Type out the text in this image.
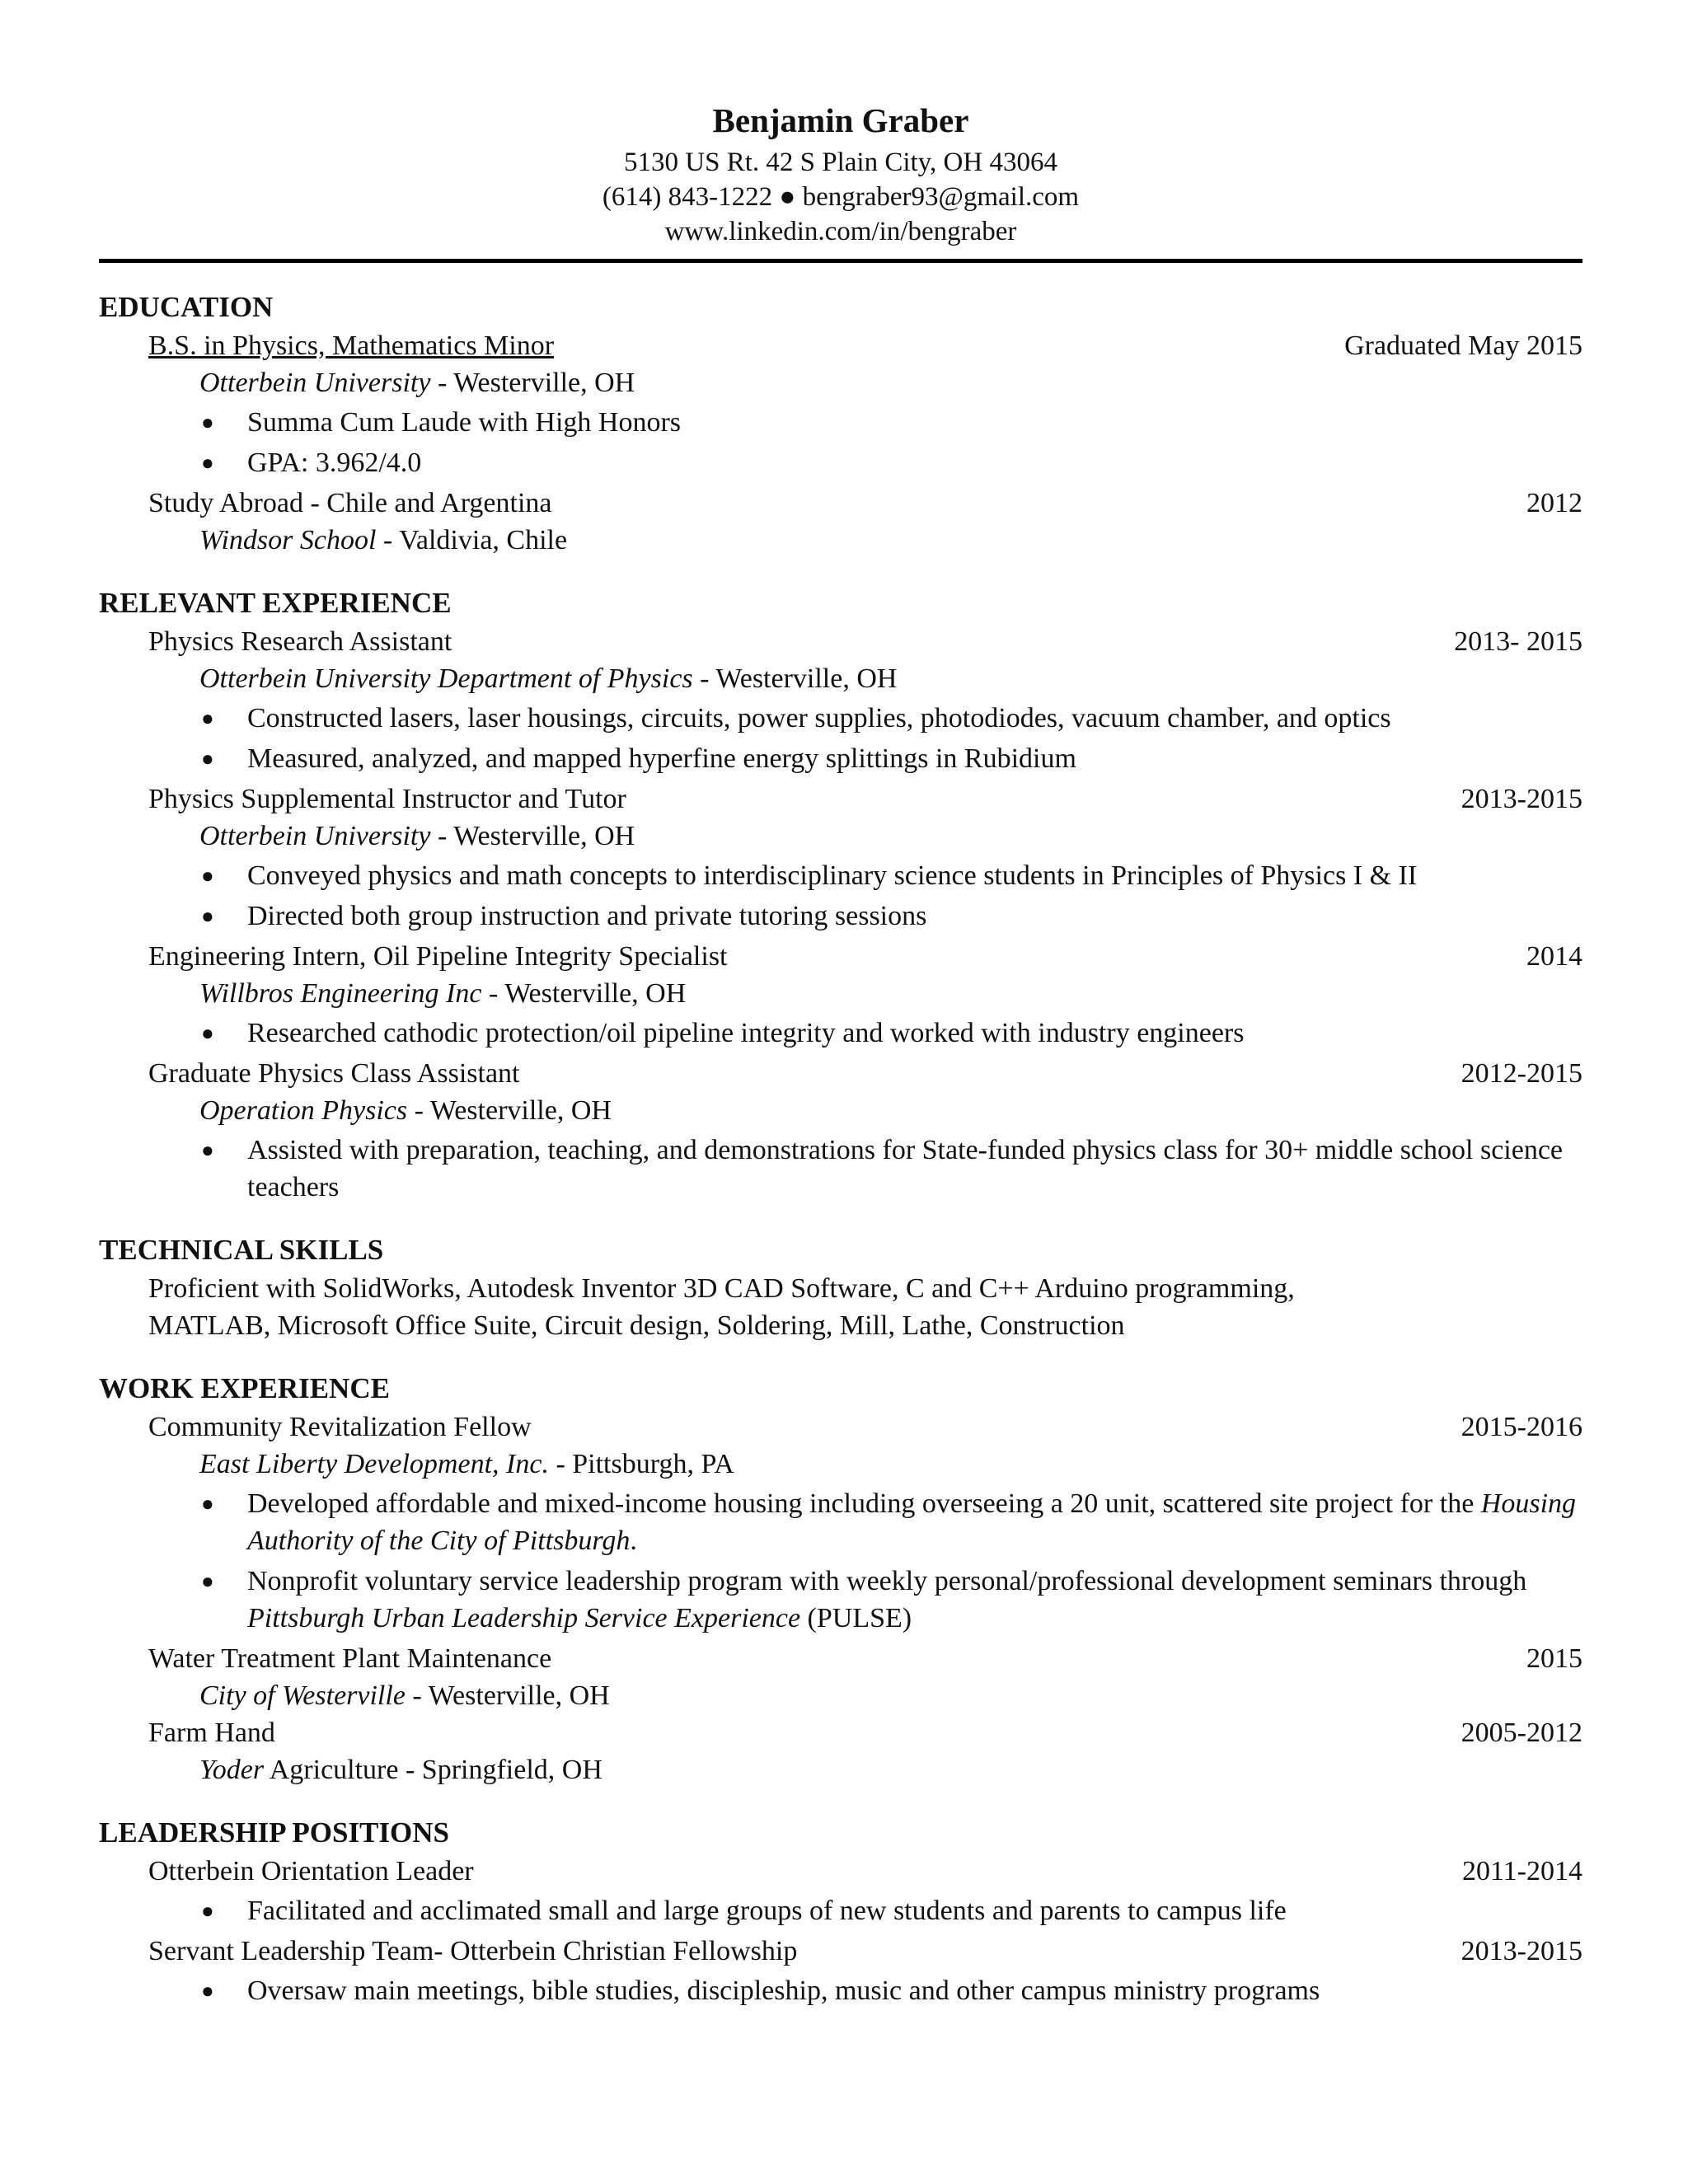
Benjamin Graber

5130 US Rt. 42 S Plain City, OH 43064

(614) 843-1222 ● bengraber93@gmail.com

www.linkedin.com/in/bengraber

EDUCATION

B.S. in Physics, Mathematics Minor	Graduated May 2015
Otterbein University - Westerville, OH
● Summa Cum Laude with High Honors
● GPA: 3.962/4.0
Study Abroad - Chile and Argentina	2012
Windsor School - Valdivia, Chile

RELEVANT EXPERIENCE

Physics Research Assistant	2013- 2015
Otterbein University Department of Physics - Westerville, OH
● Constructed lasers, laser housings, circuits, power supplies, photodiodes, vacuum chamber, and optics
● Measured, analyzed, and mapped hyperfine energy splittings in Rubidium
Physics Supplemental Instructor and Tutor	2013-2015
Otterbein University - Westerville, OH
● Conveyed physics and math concepts to interdisciplinary science students in Principles of Physics I & II
● Directed both group instruction and private tutoring sessions
Engineering Intern, Oil Pipeline Integrity Specialist	2014
Willbros Engineering Inc - Westerville, OH
● Researched cathodic protection/oil pipeline integrity and worked with industry engineers
Graduate Physics Class Assistant	2012-2015
Operation Physics - Westerville, OH
● Assisted with preparation, teaching, and demonstrations for State-funded physics class for 30+ middle school science teachers

TECHNICAL SKILLS

Proficient with SolidWorks, Autodesk Inventor 3D CAD Software, C and C++ Arduino programming,
MATLAB, Microsoft Office Suite, Circuit design, Soldering, Mill, Lathe, Construction

WORK EXPERIENCE

Community Revitalization Fellow	2015-2016
East Liberty Development, Inc. - Pittsburgh, PA
● Developed affordable and mixed-income housing including overseeing a 20 unit, scattered site project for the Housing Authority of the City of Pittsburgh.
● Nonprofit voluntary service leadership program with weekly personal/professional development seminars through Pittsburgh Urban Leadership Service Experience (PULSE)
Water Treatment Plant Maintenance	2015
City of Westerville - Westerville, OH
Farm Hand	2005-2012
Yoder Agriculture - Springfield, OH

LEADERSHIP POSITIONS

Otterbein Orientation Leader	2011-2014
● Facilitated and acclimated small and large groups of new students and parents to campus life
Servant Leadership Team- Otterbein Christian Fellowship	2013-2015
● Oversaw main meetings, bible studies, discipleship, music and other campus ministry programs
